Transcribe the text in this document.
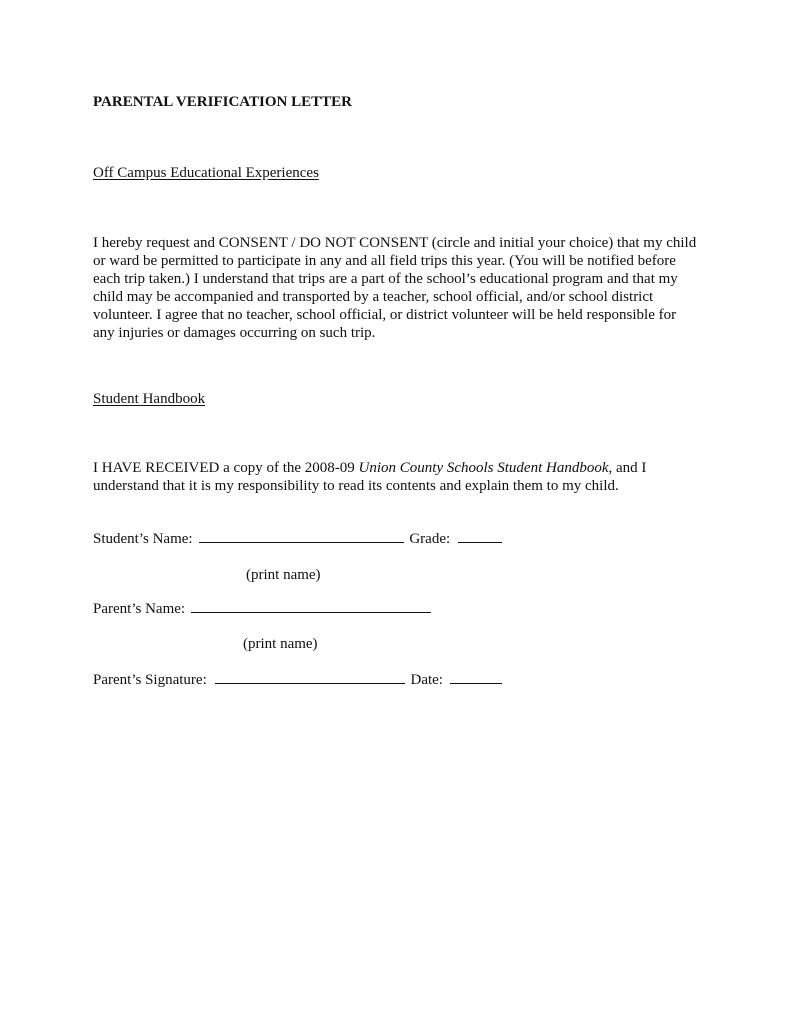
PARENTAL VERIFICATION LETTER
Off Campus Educational Experiences
I hereby request and CONSENT / DO NOT CONSENT (circle and initial your choice) that my child
or ward be permitted to participate in any and all field trips this year. (You will be notified before
each trip taken.) I understand that trips are a part of the school’s educational program and that my
child may be accompanied and transported by a teacher, school official, and/or school district
volunteer. I agree that no teacher, school official, or district volunteer will be held responsible for
any injuries or damages occurring on such trip.
Student Handbook
I HAVE RECEIVED a copy of the 2008-09 Union County Schools Student Handbook, and I
understand that it is my responsibility to read its contents and explain them to my child.
Student’s Name:	Grade:
(print name)
Parent’s Name:
(print name)
Parent’s Signature:	Date:
